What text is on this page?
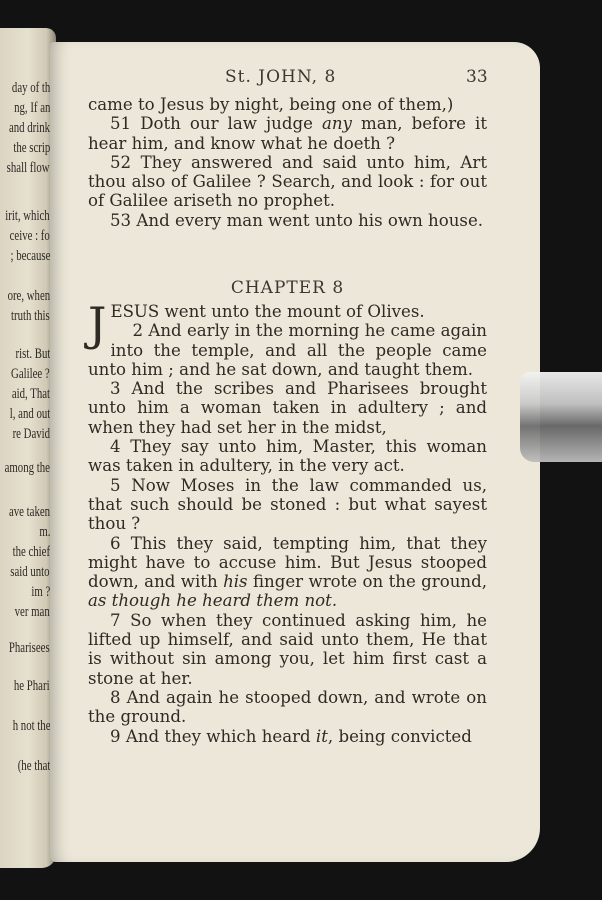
day of th
ng, If an
and drink
the scrip
shall flow
irit, which
ceive : fo
; because
ore, when
truth this
rist. But
Galilee ?
aid, That
l, and out
re David
among the
ave taken
m.
the chief
said unto
im ?
ver man
Pharisees
he Phari
h not the
(he that
St. JOHN, 8	33

came to Jesus by night, being one of them,)

51 Doth our law judge any man, before it hear him, and know what he doeth ?

52 They answered and said unto him, Art thou also of Galilee ? Search, and look : for out of Galilee ariseth no prophet.

53 And every man went unto his own house.

CHAPTER 8

JESUS went unto the mount of Olives.

2 And early in the morning he came again into the temple, and all the people came unto him ; and he sat down, and taught them.

3 And the scribes and Pharisees brought unto him a woman taken in adultery ; and when they had set her in the midst,

4 They say unto him, Master, this woman was taken in adultery, in the very act.

5 Now Moses in the law commanded us, that such should be stoned : but what sayest thou ?

6 This they said, tempting him, that they might have to accuse him. But Jesus stooped down, and with his finger wrote on the ground, as though he heard them not.

7 So when they continued asking him, he lifted up himself, and said unto them, He that is without sin among you, let him first cast a stone at her.

8 And again he stooped down, and wrote on the ground.

9 And they which heard it, being convicted
